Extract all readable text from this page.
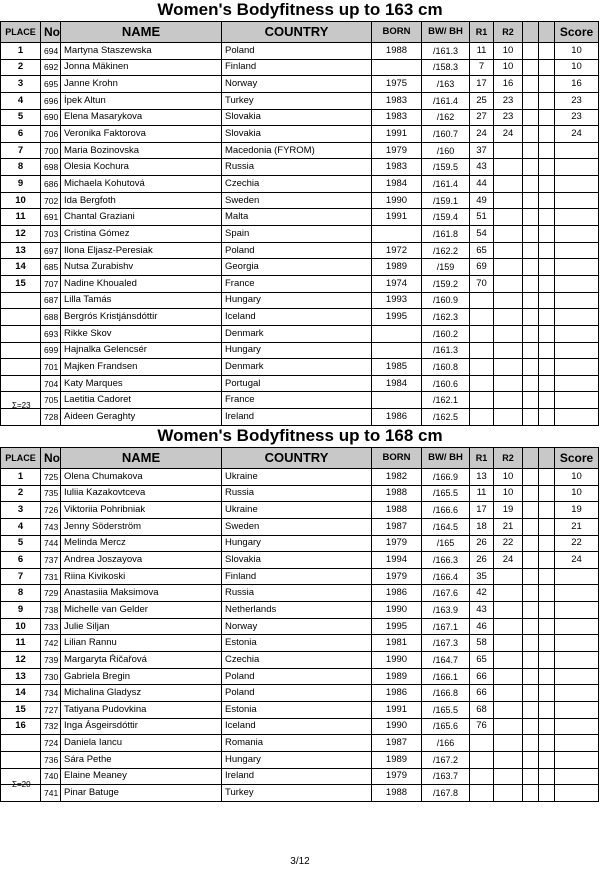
Women's Bodyfitness up to 163 cm
PLACE	No	NAME	COUNTRY	BORN	BW/ BH	R1	R2			Score
1	694	Martyna Staszewska	Poland	1988	/161.3	11	10			10
2	692	Jonna Mäkinen	Finland		/158.3	7	10			10
3	695	Janne Krohn	Norway	1975	/163	17	16			16
4	696	İpek Altun	Turkey	1983	/161.4	25	23			23
5	690	Elena Masarykova	Slovakia	1983	/162	27	23			23
6	706	Veronika Faktorova	Slovakia	1991	/160.7	24	24			24
7	700	Maria Bozinovska	Macedonia (FYROM)	1979	/160	37				
8	698	Olesia Kochura	Russia	1983	/159.5	43				
9	686	Michaela Kohutová	Czechia	1984	/161.4	44				
10	702	Ida Bergfoth	Sweden	1990	/159.1	49				
11	691	Chantal Graziani	Malta	1991	/159.4	51				
12	703	Cristina Gómez	Spain		/161.8	54				
13	697	Ilona Eljasz-Peresiak	Poland	1972	/162.2	65				
14	685	Nutsa Zurabishv	Georgia	1989	/159	69				
15	707	Nadine Khoualed	France	1974	/159.2	70				
	687	Lilla Tamás	Hungary	1993	/160.9					
	688	Bergrós Kristjánsdóttir	Iceland	1995	/162.3					
	693	Rikke Skov	Denmark		/160.2					
	699	Hajnalka Gelencsér	Hungary		/161.3					
	701	Majken Frandsen	Denmark	1985	/160.8					
	704	Katy Marques	Portugal	1984	/160.6					
	705	Laetitia Cadoret	France		/162.1					
	728	Aideen Geraghty	Ireland	1986	/162.5					
Σ=23
Women's Bodyfitness up to 168 cm
PLACE	No	NAME	COUNTRY	BORN	BW/ BH	R1	R2			Score
1	725	Olena Chumakova	Ukraine	1982	/166.9	13	10			10
2	735	Iuliia Kazakovtceva	Russia	1988	/165.5	11	10			10
3	726	Viktoriia Pohribniak	Ukraine	1988	/166.6	17	19			19
4	743	Jenny Söderström	Sweden	1987	/164.5	18	21			21
5	744	Melinda Mercz	Hungary	1979	/165	26	22			22
6	737	Andrea Joszayova	Slovakia	1994	/166.3	26	24			24
7	731	Riina Kivikoski	Finland	1979	/166.4	35				
8	729	Anastasiia Maksimova	Russia	1986	/167.6	42				
9	738	Michelle van Gelder	Netherlands	1990	/163.9	43				
10	733	Julie Siljan	Norway	1995	/167.1	46				
11	742	Lilian Rannu	Estonia	1981	/167.3	58				
12	739	Margaryta Ŕičařová	Czechia	1990	/164.7	65				
13	730	Gabriela Bregin	Poland	1989	/166.1	66				
14	734	Michalina Gladysz	Poland	1986	/166.8	66				
15	727	Tatiyana Pudovkina	Estonia	1991	/165.5	68				
16	732	Inga Ásgeirsdóttir	Iceland	1990	/165.6	76				
	724	Daniela Iancu	Romania	1987	/166					
	736	Sára Pethe	Hungary	1989	/167.2					
	740	Elaine Meaney	Ireland	1979	/163.7					
	741	Pinar Batuge	Turkey	1988	/167.8					
Σ=20
3/12
